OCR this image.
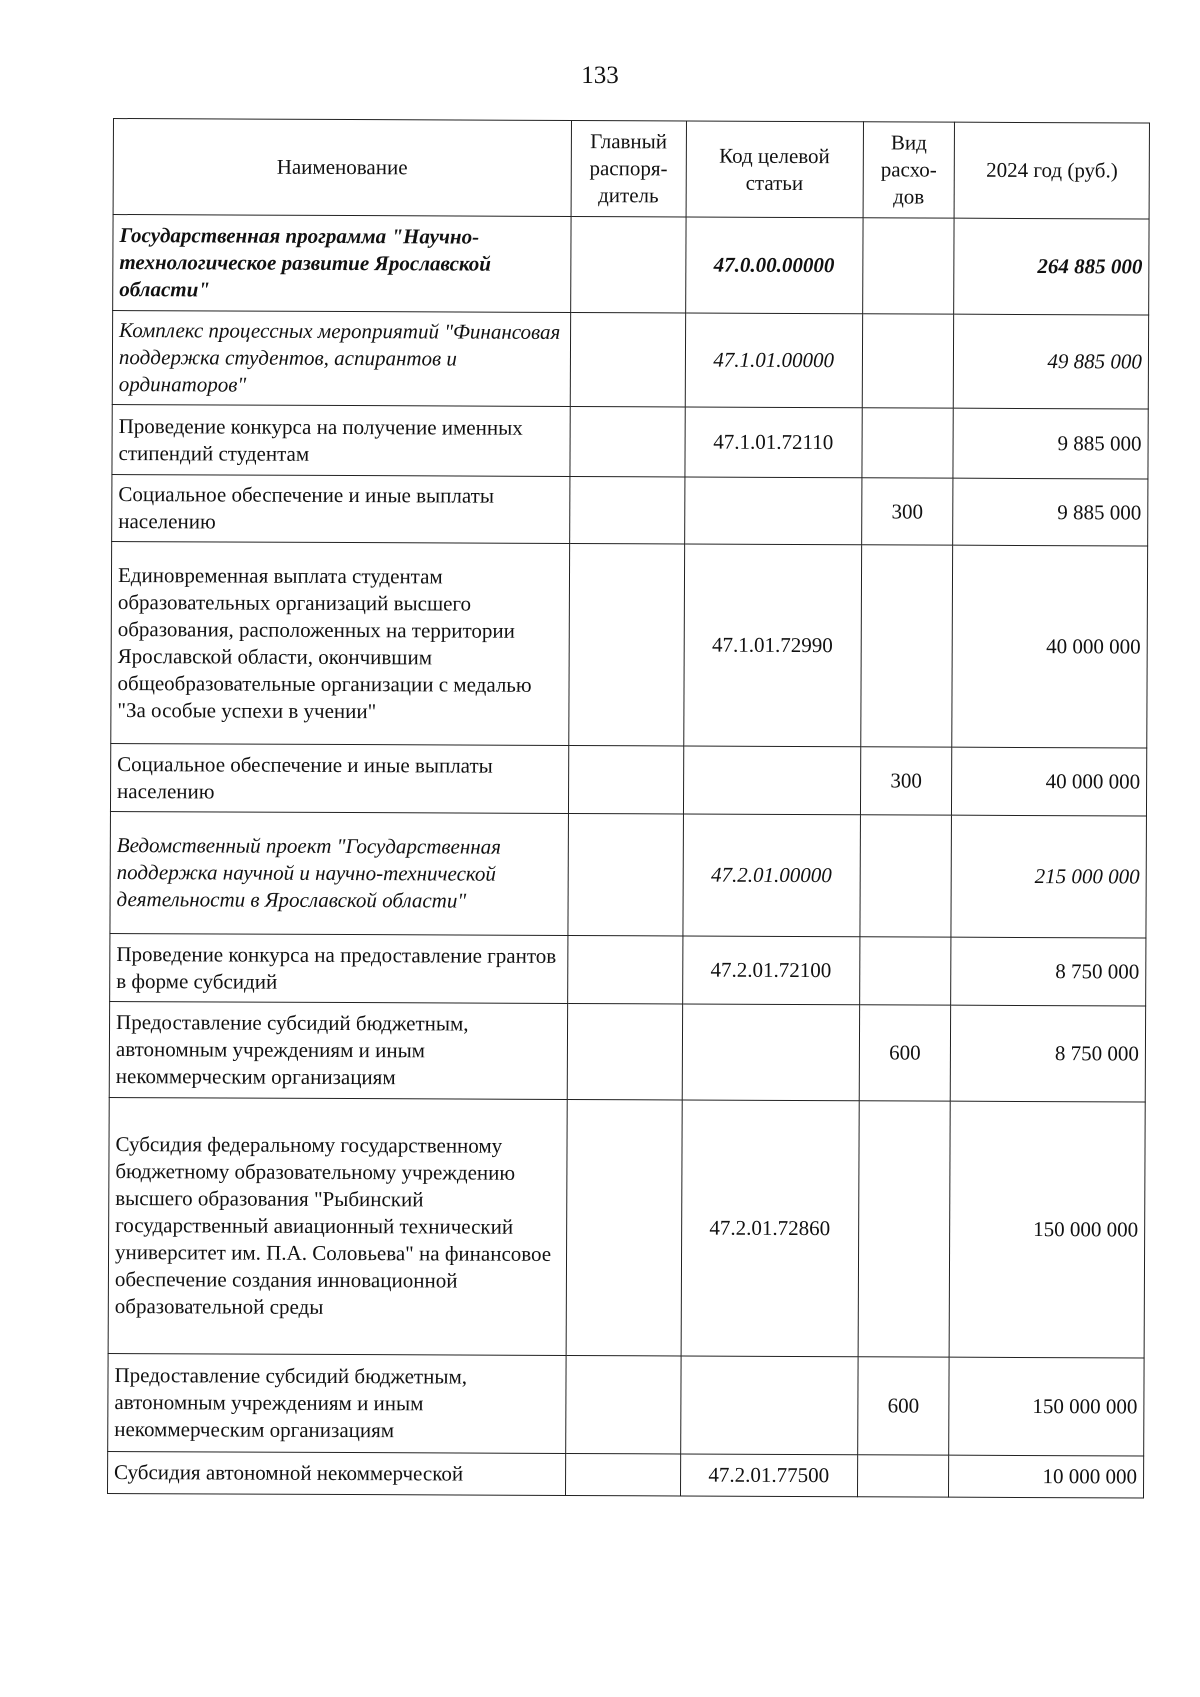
133
Наименование	Главный распоря-дитель	Код целевой статьи	Вид расхо-дов	2024 год (руб.)
Государственная программа "Научно-технологическое развитие Ярославской области"		47.0.00.00000		264 885 000
Комплекс процессных мероприятий "Финансовая поддержка студентов, аспирантов и ординаторов"		47.1.01.00000		49 885 000
Проведение конкурса на получение именных стипендий студентам		47.1.01.72110		9 885 000
Социальное обеспечение и иные выплаты населению			300	9 885 000
Единовременная выплата студентам образовательных организаций высшего образования, расположенных на территории Ярославской области, окончившим общеобразовательные организации с медалью "За особые успехи в учении"		47.1.01.72990		40 000 000
Социальное обеспечение и иные выплаты населению			300	40 000 000
Ведомственный проект "Государственная поддержка научной и научно-технической деятельности в Ярославской области"		47.2.01.00000		215 000 000
Проведение конкурса на предоставление грантов в форме субсидий		47.2.01.72100		8 750 000
Предоставление субсидий бюджетным, автономным учреждениям и иным некоммерческим организациям			600	8 750 000
Субсидия федеральному государственному бюджетному образовательному учреждению высшего образования "Рыбинский государственный авиационный технический университет им. П.А. Соловьева" на финансовое обеспечение создания инновационной образовательной среды		47.2.01.72860		150 000 000
Предоставление субсидий бюджетным, автономным учреждениям и иным некоммерческим организациям			600	150 000 000
Субсидия автономной некоммерческой		47.2.01.77500		10 000 000
